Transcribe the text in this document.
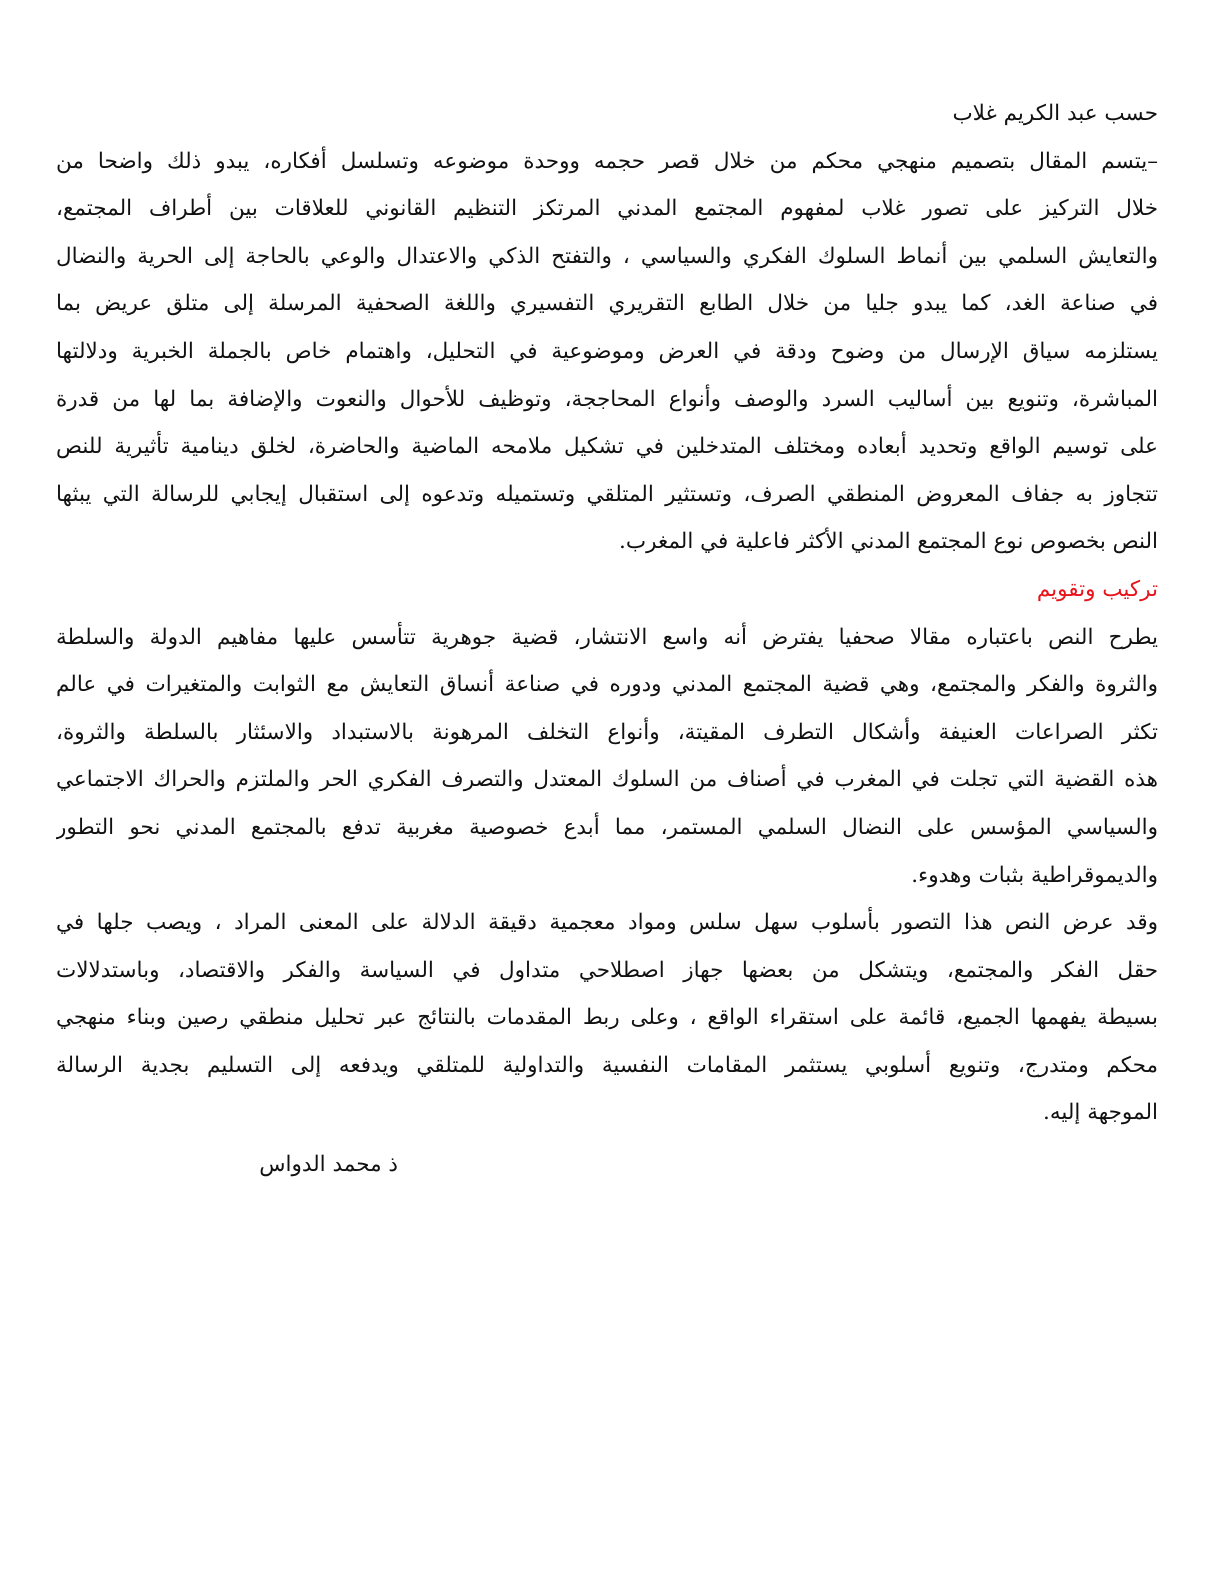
حسب عبد الكريم غلاب

–يتسم المقال بتصميم منهجي محكم من خلال قصر حجمه ووحدة موضوعه وتسلسل أفكاره، يبدو ذلك واضحا من
خلال التركيز على تصور غلاب لمفهوم المجتمع المدني المرتكز التنظيم القانوني للعلاقات بين أطراف المجتمع،
والتعايش السلمي بين أنماط السلوك الفكري والسياسي ، والتفتح الذكي والاعتدال والوعي بالحاجة إلى الحرية والنضال
في صناعة الغد، كما يبدو جليا من خلال الطابع التقريري التفسيري واللغة الصحفية المرسلة إلى متلق عريض بما
يستلزمه سياق الإرسال من وضوح ودقة في العرض وموضوعية في التحليل، واهتمام خاص بالجملة الخبرية ودلالتها
المباشرة، وتنويع بين أساليب السرد والوصف وأنواع المحاججة، وتوظيف للأحوال والنعوت والإضافة بما لها من قدرة
على توسيم الواقع وتحديد أبعاده ومختلف المتدخلين في تشكيل ملامحه الماضية والحاضرة، لخلق دينامية تأثيرية للنص
تتجاوز به جفاف المعروض المنطقي الصرف، وتستثير المتلقي وتستميله وتدعوه إلى استقبال إيجابي للرسالة التي يبثها
النص بخصوص نوع المجتمع المدني الأكثر فاعلية في المغرب.

تركيب وتقويم

يطرح النص باعتباره مقالا صحفيا يفترض أنه واسع الانتشار، قضية جوهرية تتأسس عليها مفاهيم الدولة والسلطة
والثروة والفكر والمجتمع، وهي قضية المجتمع المدني ودوره في صناعة أنساق التعايش مع الثوابت والمتغيرات في عالم
تكثر الصراعات العنيفة وأشكال التطرف المقيتة، وأنواع التخلف المرهونة بالاستبداد والاسئثار بالسلطة والثروة،
هذه القضية التي تجلت في المغرب في أصناف من السلوك المعتدل والتصرف الفكري الحر والملتزم والحراك الاجتماعي
والسياسي المؤسس على النضال السلمي المستمر، مما أبدع خصوصية مغربية تدفع بالمجتمع المدني نحو التطور
والديموقراطية بثبات وهدوء.

وقد عرض النص هذا التصور بأسلوب سهل سلس ومواد معجمية دقيقة الدلالة على المعنى المراد ، ويصب جلها في
حقل الفكر والمجتمع، ويتشكل من بعضها جهاز اصطلاحي متداول في السياسة والفكر والاقتصاد، وباستدلالات
بسيطة يفهمها الجميع، قائمة على استقراء الواقع ، وعلى ربط المقدمات بالنتائج عبر تحليل منطقي رصين وبناء منهجي
محكم ومتدرج، وتنويع أسلوبي يستثمر المقامات النفسية والتداولية للمتلقي ويدفعه إلى التسليم بجدية الرسالة
الموجهة إليه.

ذ محمد الدواس
